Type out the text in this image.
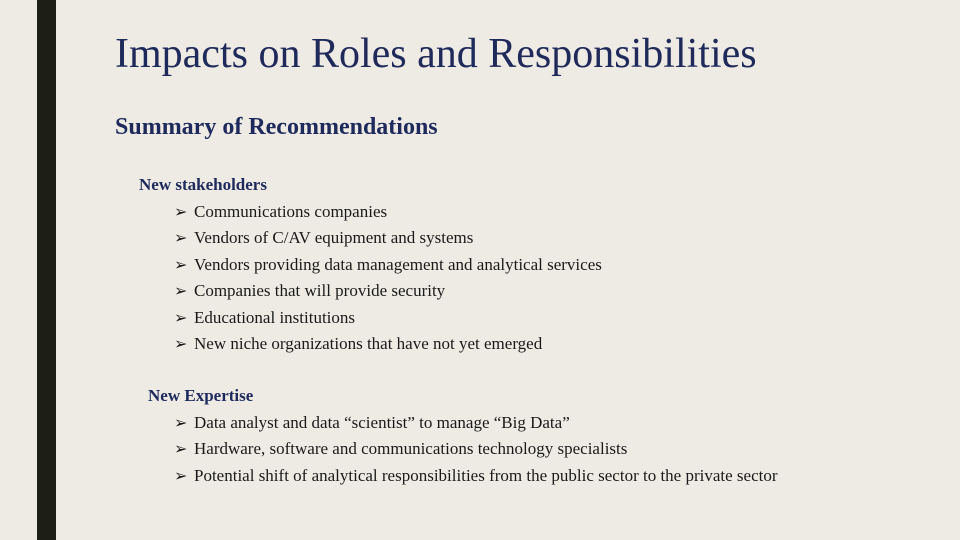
Impacts on Roles and Responsibilities
Summary of Recommendations
New stakeholders
➢ Communications companies
➢ Vendors of C/AV equipment and systems
➢ Vendors providing data management and analytical services
➢ Companies that will provide security
➢ Educational institutions
➢ New niche organizations that have not yet emerged
New Expertise
➢ Data analyst and data “scientist” to manage “Big Data”
➢ Hardware, software and communications technology specialists
➢ Potential shift of analytical responsibilities from the public sector to the private sector
